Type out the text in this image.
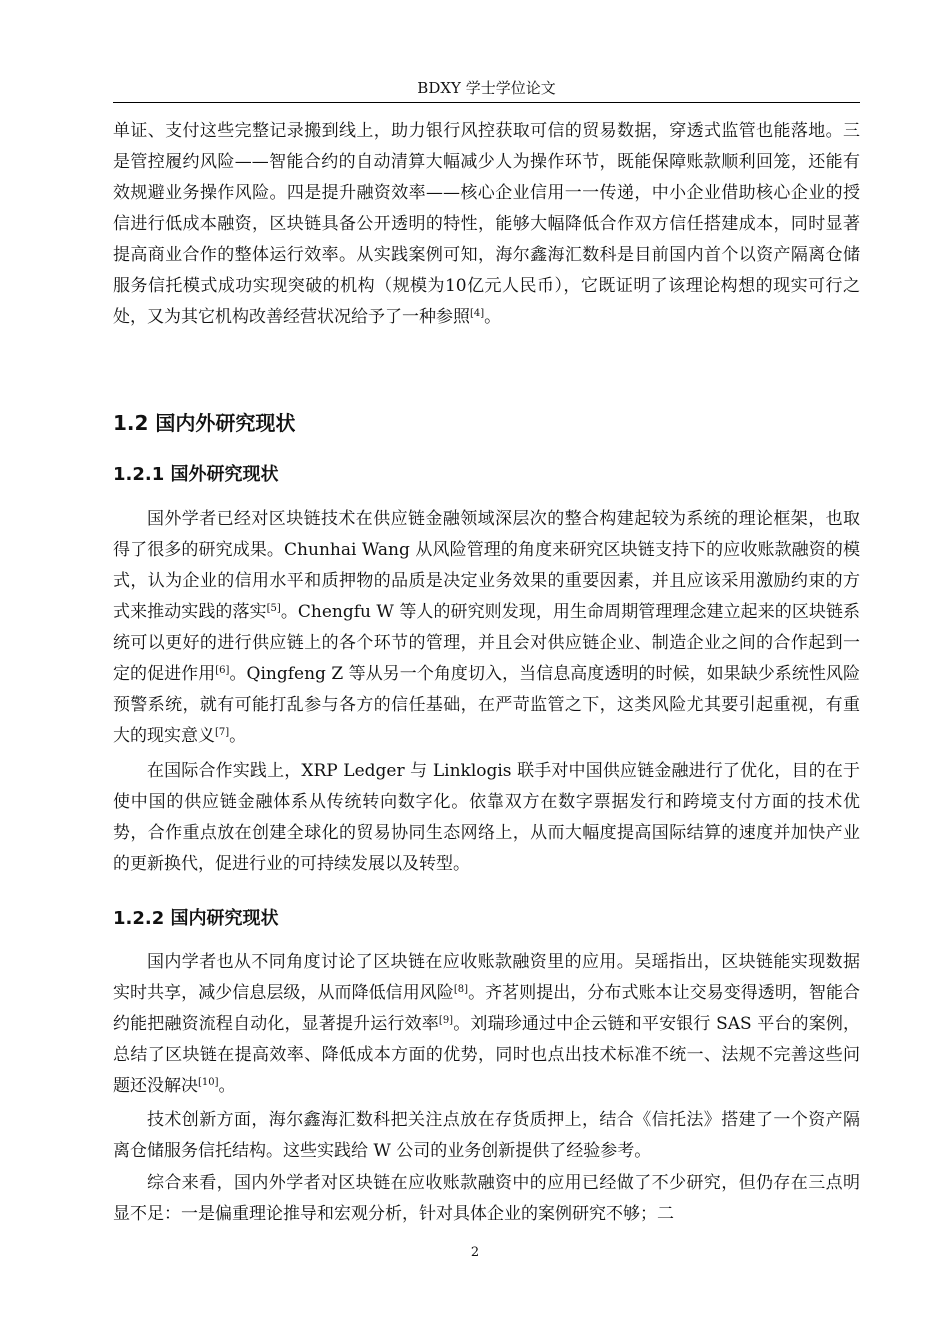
BDXY 学士学位论文

单证、支付这些完整记录搬到线上，助力银行风控获取可信的贸易数据，穿透式监管也能落地。三是管控履约风险——智能合约的自动清算大幅减少人为操作环节，既能保障账款顺利回笼，还能有效规避业务操作风险。四是提升融资效率——核心企业信用一一传递，中小企业借助核心企业的授信进行低成本融资，区块链具备公开透明的特性，能够大幅降低合作双方信任搭建成本，同时显著提高商业合作的整体运行效率。从实践案例可知，海尔鑫海汇数科是目前国内首个以资产隔离仓储服务信托模式成功实现突破的机构（规模为10亿元人民币），它既证明了该理论构想的现实可行之处，又为其它机构改善经营状况给予了一种参照[4]。

1.2 国内外研究现状
1.2.1 国外研究现状

国外学者已经对区块链技术在供应链金融领域深层次的整合构建起较为系统的理论框架，也取得了很多的研究成果。Chunhai Wang 从风险管理的角度来研究区块链支持下的应收账款融资的模式，认为企业的信用水平和质押物的品质是决定业务效果的重要因素，并且应该采用激励约束的方式来推动实践的落实[5]。Chengfu W 等人的研究则发现，用生命周期管理理念建立起来的区块链系统可以更好的进行供应链上的各个环节的管理，并且会对供应链企业、制造企业之间的合作起到一定的促进作用[6]。Qingfeng Z 等从另一个角度切入，当信息高度透明的时候，如果缺少系统性风险预警系统，就有可能打乱参与各方的信任基础，在严苛监管之下，这类风险尤其要引起重视，有重大的现实意义[7]。

在国际合作实践上，XRP Ledger 与 Linklogis 联手对中国供应链金融进行了优化，目的在于使中国的供应链金融体系从传统转向数字化。依靠双方在数字票据发行和跨境支付方面的技术优势，合作重点放在创建全球化的贸易协同生态网络上，从而大幅度提高国际结算的速度并加快产业的更新换代，促进行业的可持续发展以及转型。

1.2.2 国内研究现状

国内学者也从不同角度讨论了区块链在应收账款融资里的应用。吴瑶指出，区块链能实现数据实时共享，减少信息层级，从而降低信用风险[8]。齐茗则提出，分布式账本让交易变得透明，智能合约能把融资流程自动化，显著提升运行效率[9]。刘瑞珍通过中企云链和平安银行 SAS 平台的案例，总结了区块链在提高效率、降低成本方面的优势，同时也点出技术标准不统一、法规不完善这些问题还没解决[10]。

技术创新方面，海尔鑫海汇数科把关注点放在存货质押上，结合《信托法》搭建了一个资产隔离仓储服务信托结构。这些实践给 W 公司的业务创新提供了经验参考。

综合来看，国内外学者对区块链在应收账款融资中的应用已经做了不少研究，但仍存在三点明显不足：一是偏重理论推导和宏观分析，针对具体企业的案例研究不够；二

2
